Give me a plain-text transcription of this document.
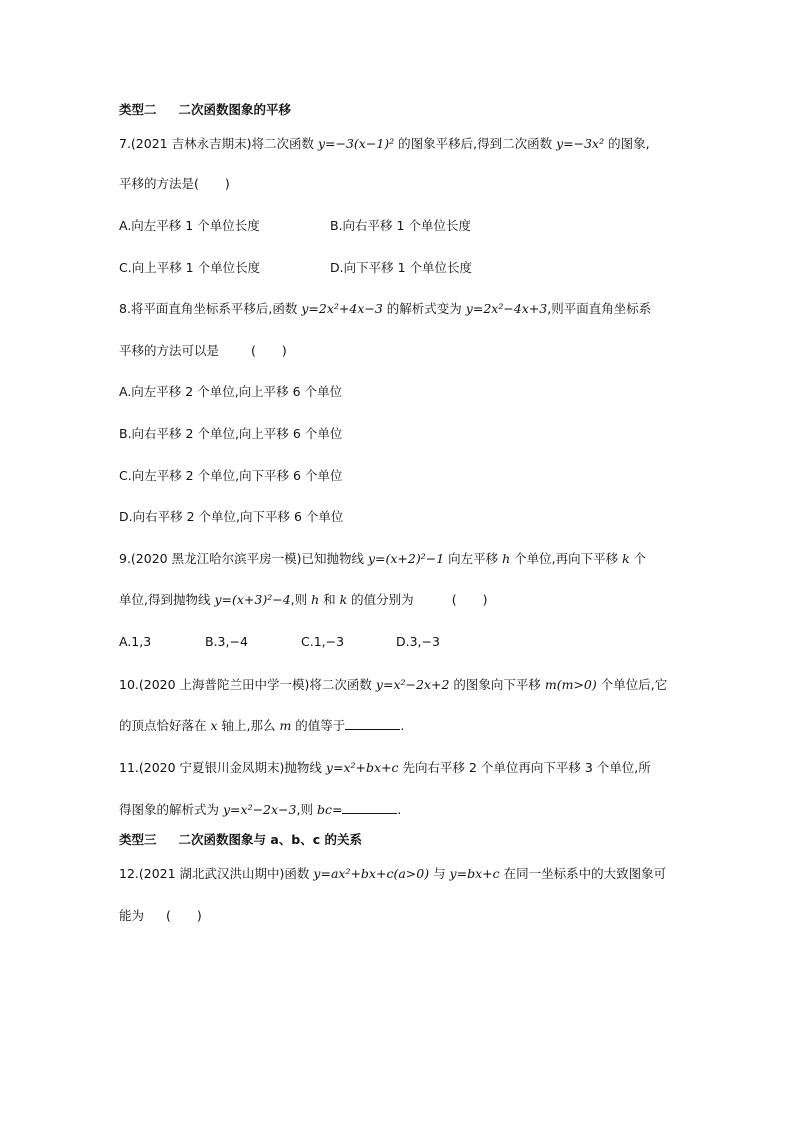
类型二 二次函数图象的平移
7.(2021 吉林永吉期末)将二次函数 y=−3(x−1)² 的图象平移后,得到二次函数 y=−3x² 的图象,
平移的方法是( )
A.向左平移 1 个单位长度	B.向右平移 1 个单位长度
C.向上平移 1 个单位长度	D.向下平移 1 个单位长度
8.将平面直角坐标系平移后,函数 y=2x²+4x−3 的解析式变为 y=2x²−4x+3,则平面直角坐标系
平移的方法可以是	( )
A.向左平移 2 个单位,向上平移 6 个单位
B.向右平移 2 个单位,向上平移 6 个单位
C.向左平移 2 个单位,向下平移 6 个单位
D.向右平移 2 个单位,向下平移 6 个单位
9.(2020 黑龙江哈尔滨平房一模)已知抛物线 y=(x+2)²−1 向左平移 h 个单位,再向下平移 k 个
单位,得到抛物线 y=(x+3)²−4,则 h 和 k 的值分别为	( )
A.1,3	B.3,−4	C.1,−3	D.3,−3
10.(2020 上海普陀兰田中学一模)将二次函数 y=x²−2x+2 的图象向下平移 m(m>0) 个单位后,它
的顶点恰好落在 x 轴上,那么 m 的值等于	.
11.(2020 宁夏银川金凤期末)抛物线 y=x²+bx+c 先向右平移 2 个单位再向下平移 3 个单位,所
得图象的解析式为 y=x²−2x−3,则 bc=	.
类型三 二次函数图象与 a、b、c 的关系
12.(2021 湖北武汉洪山期中)函数 y=ax²+bx+c(a>0) 与 y=bx+c 在同一坐标系中的大致图象可
能为 ( )
